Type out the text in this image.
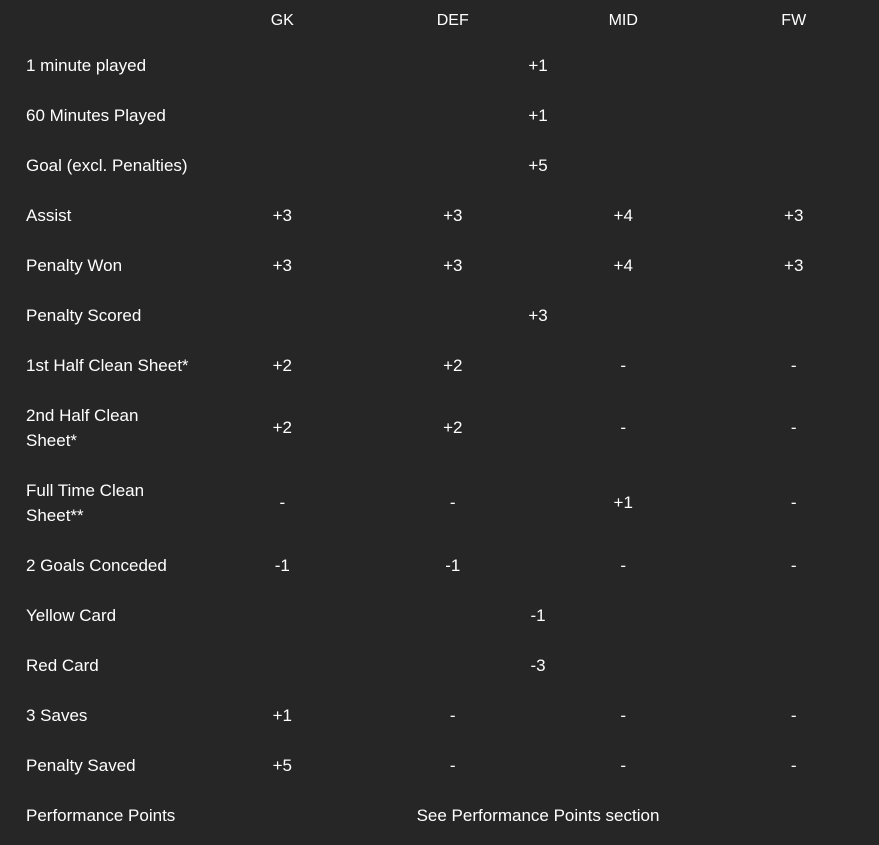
	GK	DEF	MID	FW
1 minute played	+1			
60 Minutes Played	+1			
Goal (excl. Penalties)	+5			
Assist	+3	+3	+4	+3
Penalty Won	+3	+3	+4	+3
Penalty Scored	+3			
1st Half Clean Sheet*	+2	+2	-	-
2nd Half Clean Sheet*	+2	+2	-	-
Full Time Clean Sheet**	-	-	+1	-
2 Goals Conceded	-1	-1	-	-
Yellow Card	-1			
Red Card	-3			
3 Saves	+1	-	-	-
Penalty Saved	+5	-	-	-
Performance Points	See Performance Points section			
